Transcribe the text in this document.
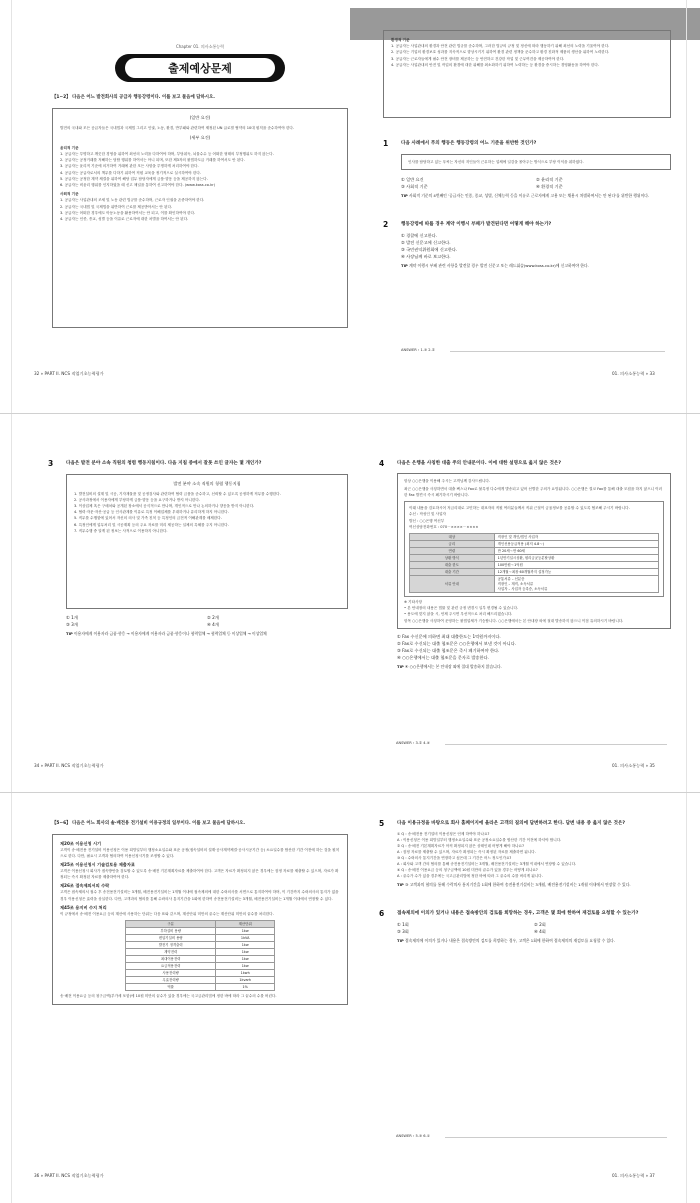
Chapter 01. 의사소통능력
출제예상문제
【1~2】 다음은 어느 발전회사의 공급자 행동강령이다. 이를 보고 물음에 답하시오.
(일반 요건)
발전의 국내와 모든 공급자들은 국내법과 국제법 그리고 인권, 노동, 환경, 반부패와 관련하여 제정된 UN 글로벌 협약의 10대 원칙을 준수하여야 한다.
(세부 요건)
윤리적 기준
1. 공급자는 투명하고 깨끗한 경영을 위하여 최선의 노력을 다하여야 하며, 부당취득, 뇌물수수 등 어떠한 형태의 부정행위도 하지 않는다.
2. 공급자는 공정거래를 저해하는 담합 행위를 하여서는 아니 되며, 또한 제3자의 불법하도급 거래를 하여서도 안 된다.
3. 공급자는 윤리적 기준에 의거하여 거래에 관한 모든 사항을 투명하게 처리하여야 한다.
4. 공급자는 공급자로서의 책무를 다하기 위하여 직원 교육을 정기적으로 실시하여야 한다.
5. 공급자는 공정한 계약 체결을 위하여 해당 업무 담당자에게 금품·향응 등을 제공하지 않는다.
6. 공급자는 비윤리 행위를 인지하였을 때 신고 채널을 통하여 신고하여야 한다. (www.koss.co.kr)
사회적 기준
1. 공급자는 사업관내의 조세 및 노동 관련 법규를 준수하며, 근로자 인권을 존중하여야 한다.
2. 공급자는 국내법 및 국제법을 위반하여 근로를 제공받아서는 안 된다.
3. 공급자는 어떠한 경우에도 아동노동을 활용하여서는 안 되고, 이를 확인하여야 한다.
4. 공급자는 인종, 종교, 성별 등을 이유로 근로자에 대한 차별을 하여서는 안 된다.
32 » PART II. NCS 직업기초능력평가
환경적 기준
1. 공급자는 사업관내의 환경과 안전 관련 법규를 준수하며, 그러한 법규의 규정 및 정신에 따라 행동하기 위해 최선의 노력을 기울여야 한다.
2. 공급자는 기업의 환경보호 성과를 지속적으로 향상시키기 위하여 환경 관련 정책을 준수하고 환경 친화적 제품의 생산을 위하여 노력한다.
3. 공급자는 근로자들에게 필수 안전 장비를 제공하는 등 안전하고 건강한 작업 및 근무여건을 제공하여야 한다.
4. 공급자는 사업관내의 안전 및 작업의 환경에 대한 위해를 최소화하기 위하여 노력하는 등 환경을 중시하는 경영활동을 하여야 한다.
1	다음 사례에서 푸의 행동은 행동강령의 어느 기준을 위반한 것인가?
인사를 담당하고 있는 푸씨는 자신의 지인들이 근무하는 업체에 일감을 몰아주는 방식으로 부당 이익을 취하였다.
① 일반 요건	② 윤리적 기준
③ 사회적 기준	④ 환경적 기준
TIP 사회적 기준의 4번째인 '공급자는 인종, 종교, 성별, 신체능력 등을 이유로 근로자에게 고용 또는 채용시 차별하여서는 안 된다'를 위반한 행위이다.
2	행동강령에 따를 경우 계약 이행시 부패가 발견된다면 어떻게 해야 하는가?
① 경찰에 신고한다.
② 발전 신문고에 신고한다.
③ 국민권익위원회에 신고한다.
④ 사장님께 바로 보고한다.
TIP 계약 이행시 부패 관련 사항을 발견할 경우 발전 신문고 또는 레드휘슬(www.koss.co.kr)에 신고하여야 한다.
ANSWER › 1.③ 2.②
01. 의사소통능력 » 33
3	다음은 발전 분야 소속 직원의 청렴 행동지침이다. 다음 지침 중에서 잘못 쓰인 글자는 몇 개인가?
발전 분야 소속 직원의 청렴 행동지침
1. 발전설비의 설계 및 시공, 기자재물품 및 공정검사와 관련하여 협력 금품을 준수하고, 신뢰할 수 있도록 공정하게 직무를 수행한다.
2. 공사과정에서 이용자에게 부당하게 금품·향응 등을 요구하거나 받지 아니한다.
3. 이상업체 혹은 구매처와 공개된 장소에서 공식적으로 만나며, 개인적으로 만나 논의하거나 향응을 받지 아니한다.
4. 협력·자문·자산·공급 등 인사관계를 이유로 특정 이해업체를 우대하거나 유리하게 하지 아니한다.
5. 직무를 수행함에 있어서 자신의 의사 및 가족 친척 등 특정인의 금전적 이해관계를 배제한다.
6. 특정인에게 업무처리 및 시공계획 등의 주요 자료를 미리 제공하는 일체의 특혜를 주지 아니한다.
7. 직무수행 중 알게 된 정보는 사적으로 이용하지 아니한다.
① 1개	② 2개
③ 3개	④ 4개
TIP 이용자에게 이용자라 금품·향응 → 이용자에게 이용자라 금품·향응이나 협력업체 → 협력업체 등 이상업체 → 이상업체
34 » PART II. NCS 직업기초능력평가
4	다음은 은행을 사칭한 대출 주의 안내문이다. 이에 대한 설명으로 옳지 않은 것은?
항상 ○○은행을 이용해 주시는 고객님께 감사드립니다.
최근 ○○은행을 사칭하면서 대출 팩스나 Fax로 불특정 다수에게 발송되고 있어 선별한 주의가 요망됩니다. ○○은행은 결코 Fax를 통해 대출 모집을 하지 않으니 이러한 Fax 발견시 즉시 폐기하시기 바랍니다.
이래 내용을 검토하시어 저금리대로 고민하는 대표자의 직원 여러분들께서 직위 근절이 금융정보를 공유할 수 있도록 협조해 주시기 바랍니다.
수신 : 작성인 및 사업자
발신 : ○○은행 여신부
여신상담전화번호 : 070－××××－××××
대상	직장인 및 개인/법인 사업자
금리	개인신용등급적용 (최저 4.8～)
연령	만 20세～만 60세
상환 방식	1년만기일시상환, 원리금균등분할상환
대출 한도	100만원～1억원
대출 기간	12개월～최장 60개월까지 설정가능
서류 안내	공통서류 – 신분증
직장인 – 재직, 소득서류
사업자 – 사업자 등록증, 소득서류
※ 기타사항
• 본 안내장의 내용은 법률 및 관련 규정 변경시 일부 변경될 수 있습니다.
• 용도에 맞지 않을 시, 언제 주시면 우선적으로 처리 해드리겠습니다.
항목 ○○은행을 사칭하여 운영하는 불법업체가 기승합니다. ○○은행에서는 본 안내장 외에 절대 발송하지 않으니 이점 유의하시기 바랍니다.
① Fax 수신문에 의하면 최대 대출한도는 1억원까지이다.
② Fax로 수신되는 대출 협조문은 ○○은행에서 보낸 것이 아니다.
③ Fax로 수신되는 대출 협조문은 즉시 폐기하여야 한다.
④ ○○은행에서는 대출 협조문을 문자로 발송한다.
TIP ④ ○○은행에서는 본 안내장 외에 절대 발송하지 않습니다.
ANSWER › 3.② 4.④
01. 의사소통능력 » 35
【5~6】 다음은 어느 회사의 솔·배전용 전기설비 이용규정의 일부이다. 이를 보고 물음에 답하시오.
제20조 이용신청 시기
고객이 송·배전용 전기설비 이용신청은 이용 희망일부터 행정소요일수와 표준 공정(접속설비의 설계·공사계약체결·공사시공기간 등) 소요일수를 합산한 기간 이전에 하는 것을 원칙으로 한다. 다만, 필요시 고객과 협의하여 이용신청시기를 조정할 수 있다.
제25조 이용신청시 기술검토용 제출자료
고객은 이용신청시 회사가 접속방안을 검토할 수 있도록 송·배전 기본계획자료를 제출하여야 한다. 고객은 자료가 확정되지 않은 경우에는 잠정 자료를 제출할 수 있으며, 자료가 확정되는 즉시 확정된 자료를 제출하여야 한다.
제26조 접속제의서의 수락
고객은 접속제의서 접수 후 송전용전기설비는 3개월, 배전용전기설비는 1개월 이내에 접속제의에 대한 수락의사를 서면으로 통지하여야 하며, 이 기간까지 수락의사의 통지가 없을 경우 이용신청은 효력을 상실한다. 다만, 고객과의 협의를 통해 수락의사 통지기간을 1회에 한하여 송전용전기설비는 3개월, 배전용전기설비는 1개월 이내에서 연장할 수 있다.
제45조 용지비 수지 처리
이 규정에서 송·배전 이용요금 등의 계산에 사용하는 단위는 다음 표와 같으며, 계산단위 미만의 끝수는 계산단위 미만의 끝수를 처리한다.
구분	계산단위
부하설비 용량	1kw
변압기설비 용량	1kVA
발전기 정격출력	1kw
계약전력	1kw
최대이용전력	1kw
요금적용전력	1kw
사용전력량	1kwh
무효전력량	1kvarh
역률	1%
송·배전 이용요금 등의 청구금액(부가세 포함)에 10원 미만의 끝수가 있을 경우에는 국고금관리법에 정한 바에 따라 그 끝수의 수를 버린다.
36 » PART II. NCS 직업기초능력평가
5	다음 이용규정을 바탕으로 회사 홈페이지에 올라온 고객의 질의에 답변하려고 한다. 답변 내용 중 옳지 않은 것은?
① Q : 송·배전용 전기설비 이용신청은 언제 하여야 하나요?
A : 이용신청은 이용 희망일부터 행정소요일수와 표준 공정소요일수를 합산한 기간 이전에 하셔야 합니다.
② Q : 송·배전 기본계획자료가 아직 확정되지 않은 상태인데 어떻게 해야 하나요?
A : 잠정 자료를 제출할 수 있으며, 자료가 확정되는 즉시 확정된 자료를 제출하면 됩니다.
③ Q : 수락의사 통지기간을 연장하고 싶은데 그 기간은 어느 정도인가요?
A : 회사와 고객 간의 협의를 통해 송전용전기설비는 3개월, 배전용전기설비는 3개월 이내에서 연장할 수 있습니다.
④ Q : 송·배전 이용요금 등의 청구금액에 10원 미만의 끝수가 있을 경우는 어떻게 되나요?
A : 끝수가 수가 있을 경우에는 국고금관리법에 정한 바에 따라 그 끝수의 수를 버리게 됩니다.
TIP ③ 고객과의 협의를 통해 수락의사 통지기간을 1회에 한하여 송전용전기설비는 3개월, 배전용전기설비는 1개월 이내에서 연장할 수 있다.
6	접속제의에 이의가 있거나 내용은 접속방안의 검토를 희망하는 경우, 고객은 몇 회에 한하여 재검토를 요청할 수 있는가?
① 1회	② 2회
③ 3회	④ 4회
TIP 접속제의에 이의가 있거나 내용은 접속방안의 검토를 희망하는 경우, 고객은 1회에 한하여 접속제의의 재검토를 요청할 수 있다.
ANSWER › 5.③ 6.①
01. 의사소통능력 » 37
